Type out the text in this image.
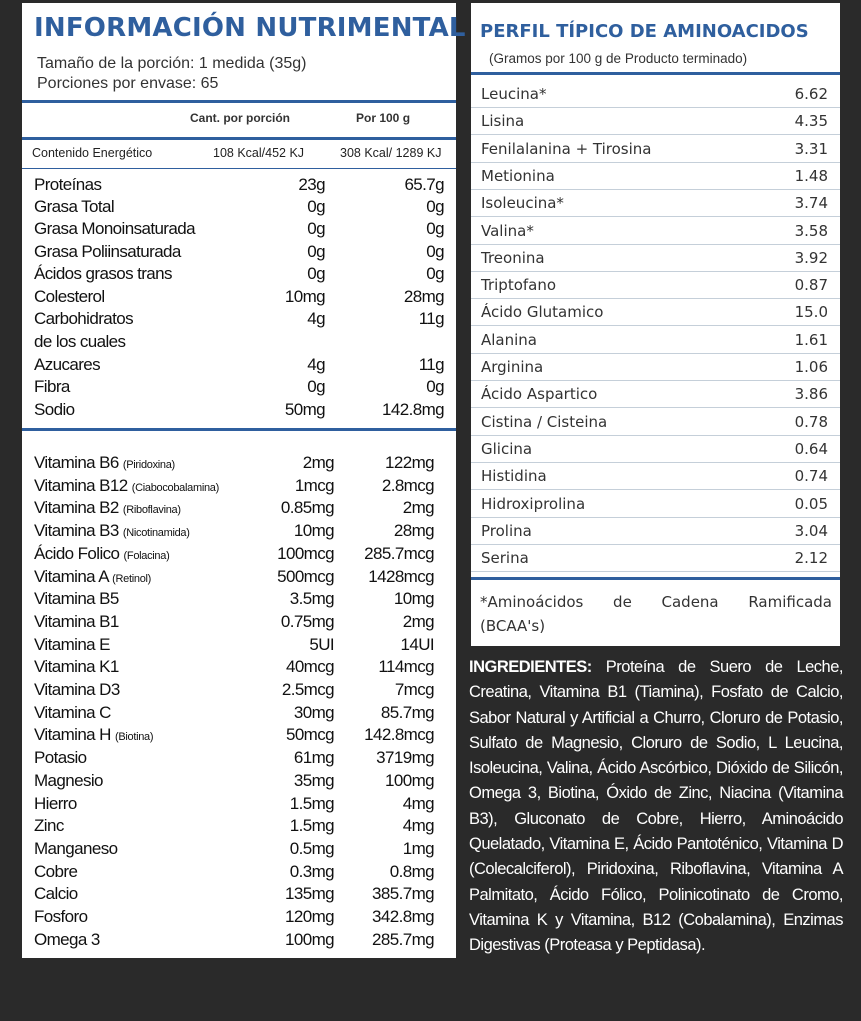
INFORMACIÓN NUTRIMENTAL
Tamaño de la porción: 1 medida (35g)
Porciones por envase: 65
Cant. por porción	Por 100 g
Contenido Energético	108 Kcal/452 KJ	308 Kcal/ 1289 KJ
Proteínas	23g	65.7g
Grasa Total	0g	0g
Grasa Monoinsaturada	0g	0g
Grasa Poliinsaturada	0g	0g
Ácidos grasos trans	0g	0g
Colesterol	10mg	28mg
Carbohidratos	4g	11g
de los cuales
Azucares	4g	11g
Fibra	0g	0g
Sodio	50mg	142.8mg
Vitamina B6 (Piridoxina)	2mg	122mg
Vitamina B12 (Ciabocobalamina)	1mcg	2.8mcg
Vitamina B2 (Riboflavina)	0.85mg	2mg
Vitamina B3 (Nicotinamida)	10mg	28mg
Ácido Folico (Folacina)	100mcg 285.7mcg
Vitamina A (Retinol)	500mcg 1428mcg
Vitamina B5	3.5mg	10mg
Vitamina B1	0.75mg	2mg
Vitamina E	5UI	14UI
Vitamina K1	40mcg	114mcg
Vitamina D3	2.5mcg	7mcg
Vitamina C	30mg	85.7mg
Vitamina H (Biotina)	50mcg 142.8mcg
Potasio	61mg 3719mg
Magnesio	35mg	100mg
Hierro	1.5mg	4mg
Zinc	1.5mg	4mg
Manganeso	0.5mg	1mg
Cobre	0.3mg	0.8mg
Calcio	135mg 385.7mg
Fosforo	120mg 342.8mg
Omega 3	100mg 285.7mg
PERFIL TÍPICO DE AMINOACIDOS
(Gramos por 100 g de Producto terminado)
Leucina*	6.62
Lisina	4.35
Fenilalanina + Tirosina	3.31
Metionina	1.48
Isoleucina*	3.74
Valina*	3.58
Treonina	3.92
Triptofano	0.87
Ácido Glutamico	15.0
Alanina	1.61
Arginina	1.06
Ácido Aspartico	3.86
Cistina / Cisteina	0.78
Glicina	0.64
Histidina	0.74
Hidroxiprolina	0.05
Prolina	3.04
Serina	2.12
*Aminoácidos de Cadena Ramificada
(BCAA's)
INGREDIENTES: Proteína de Suero de Leche, Creatina, Vitamina B1 (Tiamina), Fosfato de Calcio, Sabor Natural y Artificial a Churro, Cloruro de Potasio, Sulfato de Magnesio, Cloruro de Sodio, L Leucina, Isoleucina, Valina, Ácido Ascórbico, Dióxido de Silicón, Omega 3, Biotina, Óxido de Zinc, Niacina (Vitamina B3), Gluconato de Cobre, Hierro, Aminoácido Quelatado, Vitamina E, Ácido Pantoténico, Vitamina D (Colecalciferol), Piridoxina, Riboflavina, Vitamina A Palmitato, Ácido Fólico, Polinicotinato de Cromo, Vitamina K y Vitamina, B12 (Cobalamina), Enzimas Digestivas (Proteasa y Peptidasa).
